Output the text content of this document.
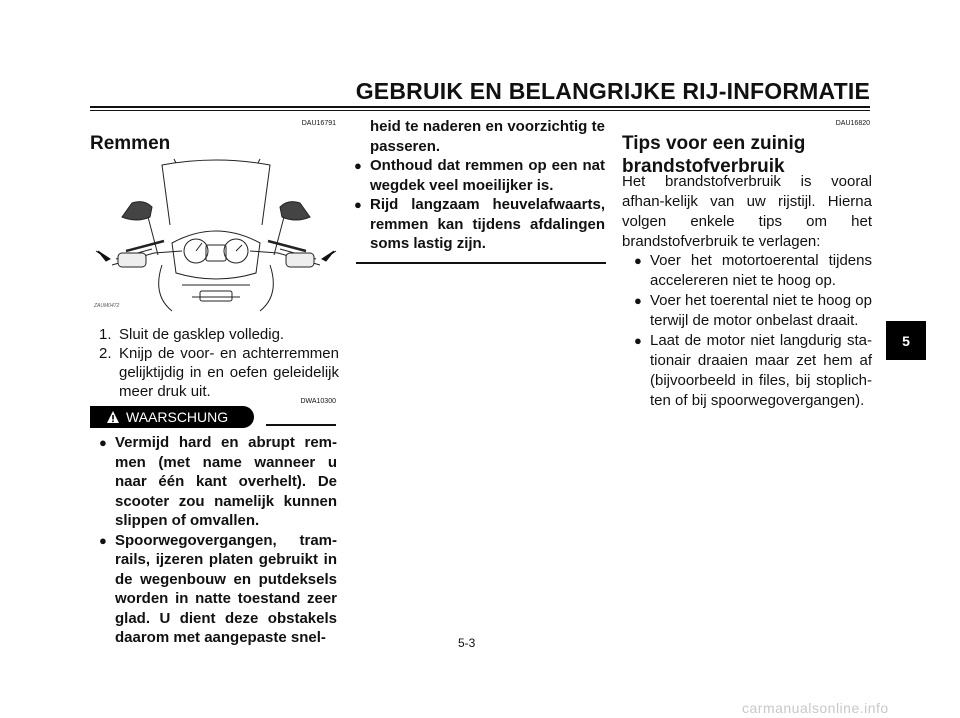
GEBRUIK EN BELANGRIJKE RIJ-INFORMATIE
DAU16791
Remmen
ZAUM0472
1. Sluit de gasklep volledig.
2. Knijp de voor- en achterremmen gelijktijdig in en oefen geleidelijk meer druk uit.
DWA10300
WAARSCHUNG
● Vermijd hard en abrupt rem-men (met name wanneer u naar één kant overhelt). De scooter zou namelijk kunnen slippen of omvallen.
● Spoorwegovergangen, tram-rails, ijzeren platen gebruikt in de wegenbouw en putdeksels worden in natte toestand zeer glad. U dient deze obstakels daarom met aangepaste snel-
heid te naderen en voorzichtig te passeren.
● Onthoud dat remmen op een nat wegdek veel moeilijker is.
● Rijd langzaam heuvelafwaarts, remmen kan tijdens afdalingen soms lastig zijn.
DAU16820
Tips voor een zuinig brandstofverbruik
Het brandstofverbruik is vooral afhan-kelijk van uw rijstijl. Hierna volgen enkele tips om het brandstofverbruik te verlagen:
● Voer het motortoerental tijdens accelereren niet te hoog op.
● Voer het toerental niet te hoog op terwijl de motor onbelast draait.
● Laat de motor niet langdurig sta-tionair draaien maar zet hem af (bijvoorbeeld in files, bij stoplich-ten of bij spoorwegovergangen).
5
5-3
carmanualsonline.info
